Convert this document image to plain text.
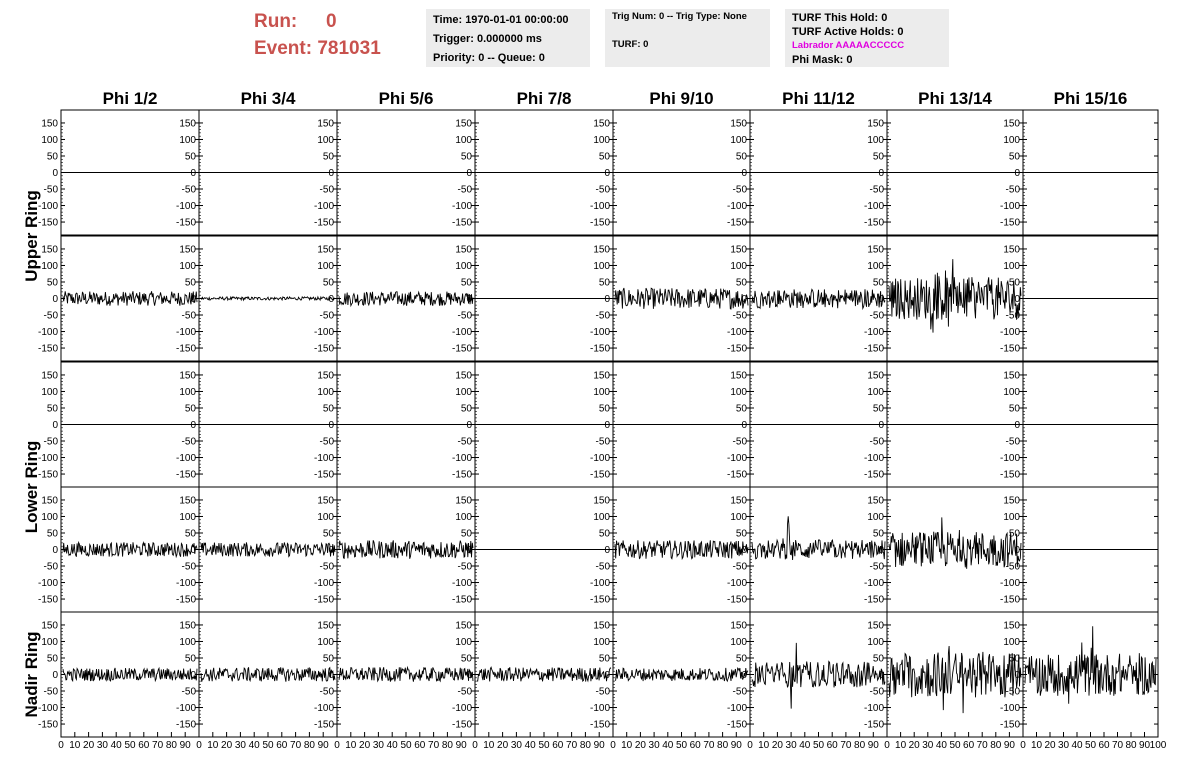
Run: 0
Event: 781031
Time: 1970-01-01 00:00:00
Trigger: 0.000000 ms
Priority: 0 -- Queue: 0
Trig Num: 0 -- Trig Type: None
TURF: 0
TURF This Hold: 0
TURF Active Holds: 0
Labrador AAAAACCCCC
Phi Mask: 0
Phi 1/2	Phi 3/4	Phi 5/6	Phi 7/8	Phi 9/10	Phi 11/12	Phi 13/14	Phi 15/16
Upper Ring
Lower Ring
Nadir Ring
-150
-100
-50
0
50
100
150
-150
-100
-50
0
50
100
150
-150
-100
-50
0
50
100
150
-150
-100
-50
0
50
100
150
-150
-100
-50
0
50
100
150
-150
-100
-50
0
50
100
150
-150
-100
-50
0
50
100
150
-150
-100
-50
0
50
100
150
-150
-100
-50
0
50
100
150
-150
-100
-50
0
50
100
150
-150
-100
-50
0
50
100
150
-150
-100
-50
0
50
100
150
-150
-100
-50
0
50
100
150
-150
-100
-50
0
50
100
150
-150
-100
-50
0
50
100
150
-150
-100
-50
0
50
100
150
-150
-100
-50
0
50
100
150
-150
-100
-50
0
50
100
150
-150
-100
-50
0
50
100
150
-150
-100
-50
0
50
100
150
-150
-100
-50
0
50
100
150
-150
-100
-50
0
50
100
150
-150
-100
-50
0
50
100
150
-150
-100
-50
0
50
100
150
-150
-100
-50
0
50
100
150
-150
-100
-50
0
50
100
150
-150
-100
-50
0
50
100
150
-150
-100
-50
0
50
100
150
-150
-100
-50
0
50
100
150
-150
-100
-50
0
50
100
150
-150
-100
-50
0
50
100
150
-150
-100
-50
0
50
100
150
-150
-100
-50
0
50
100
150
0 10 20 30 40 50 60 70 80 90
-150
-100
-50
0
50
100
150
0 10 20 30 40 50 60 70 80 90
-150
-100
-50
0
50
100
150
0 10 20 30 40 50 60 70 80 90
-150
-100
-50
0
50
100
150
0 10 20 30 40 50 60 70 80 90
-150
-100
-50
0
50
100
150
0 10 20 30 40 50 60 70 80 90
-150
-100
-50
0
50
100
150
0 10 20 30 40 50 60 70 80 90
-150
-100
-50
0
50
100
150
0 10 20 30 40 50 60 70 80 90
-150
-100
-50
0
50
100
150
0 10 20 30 40 50 60 70 80 90 100
